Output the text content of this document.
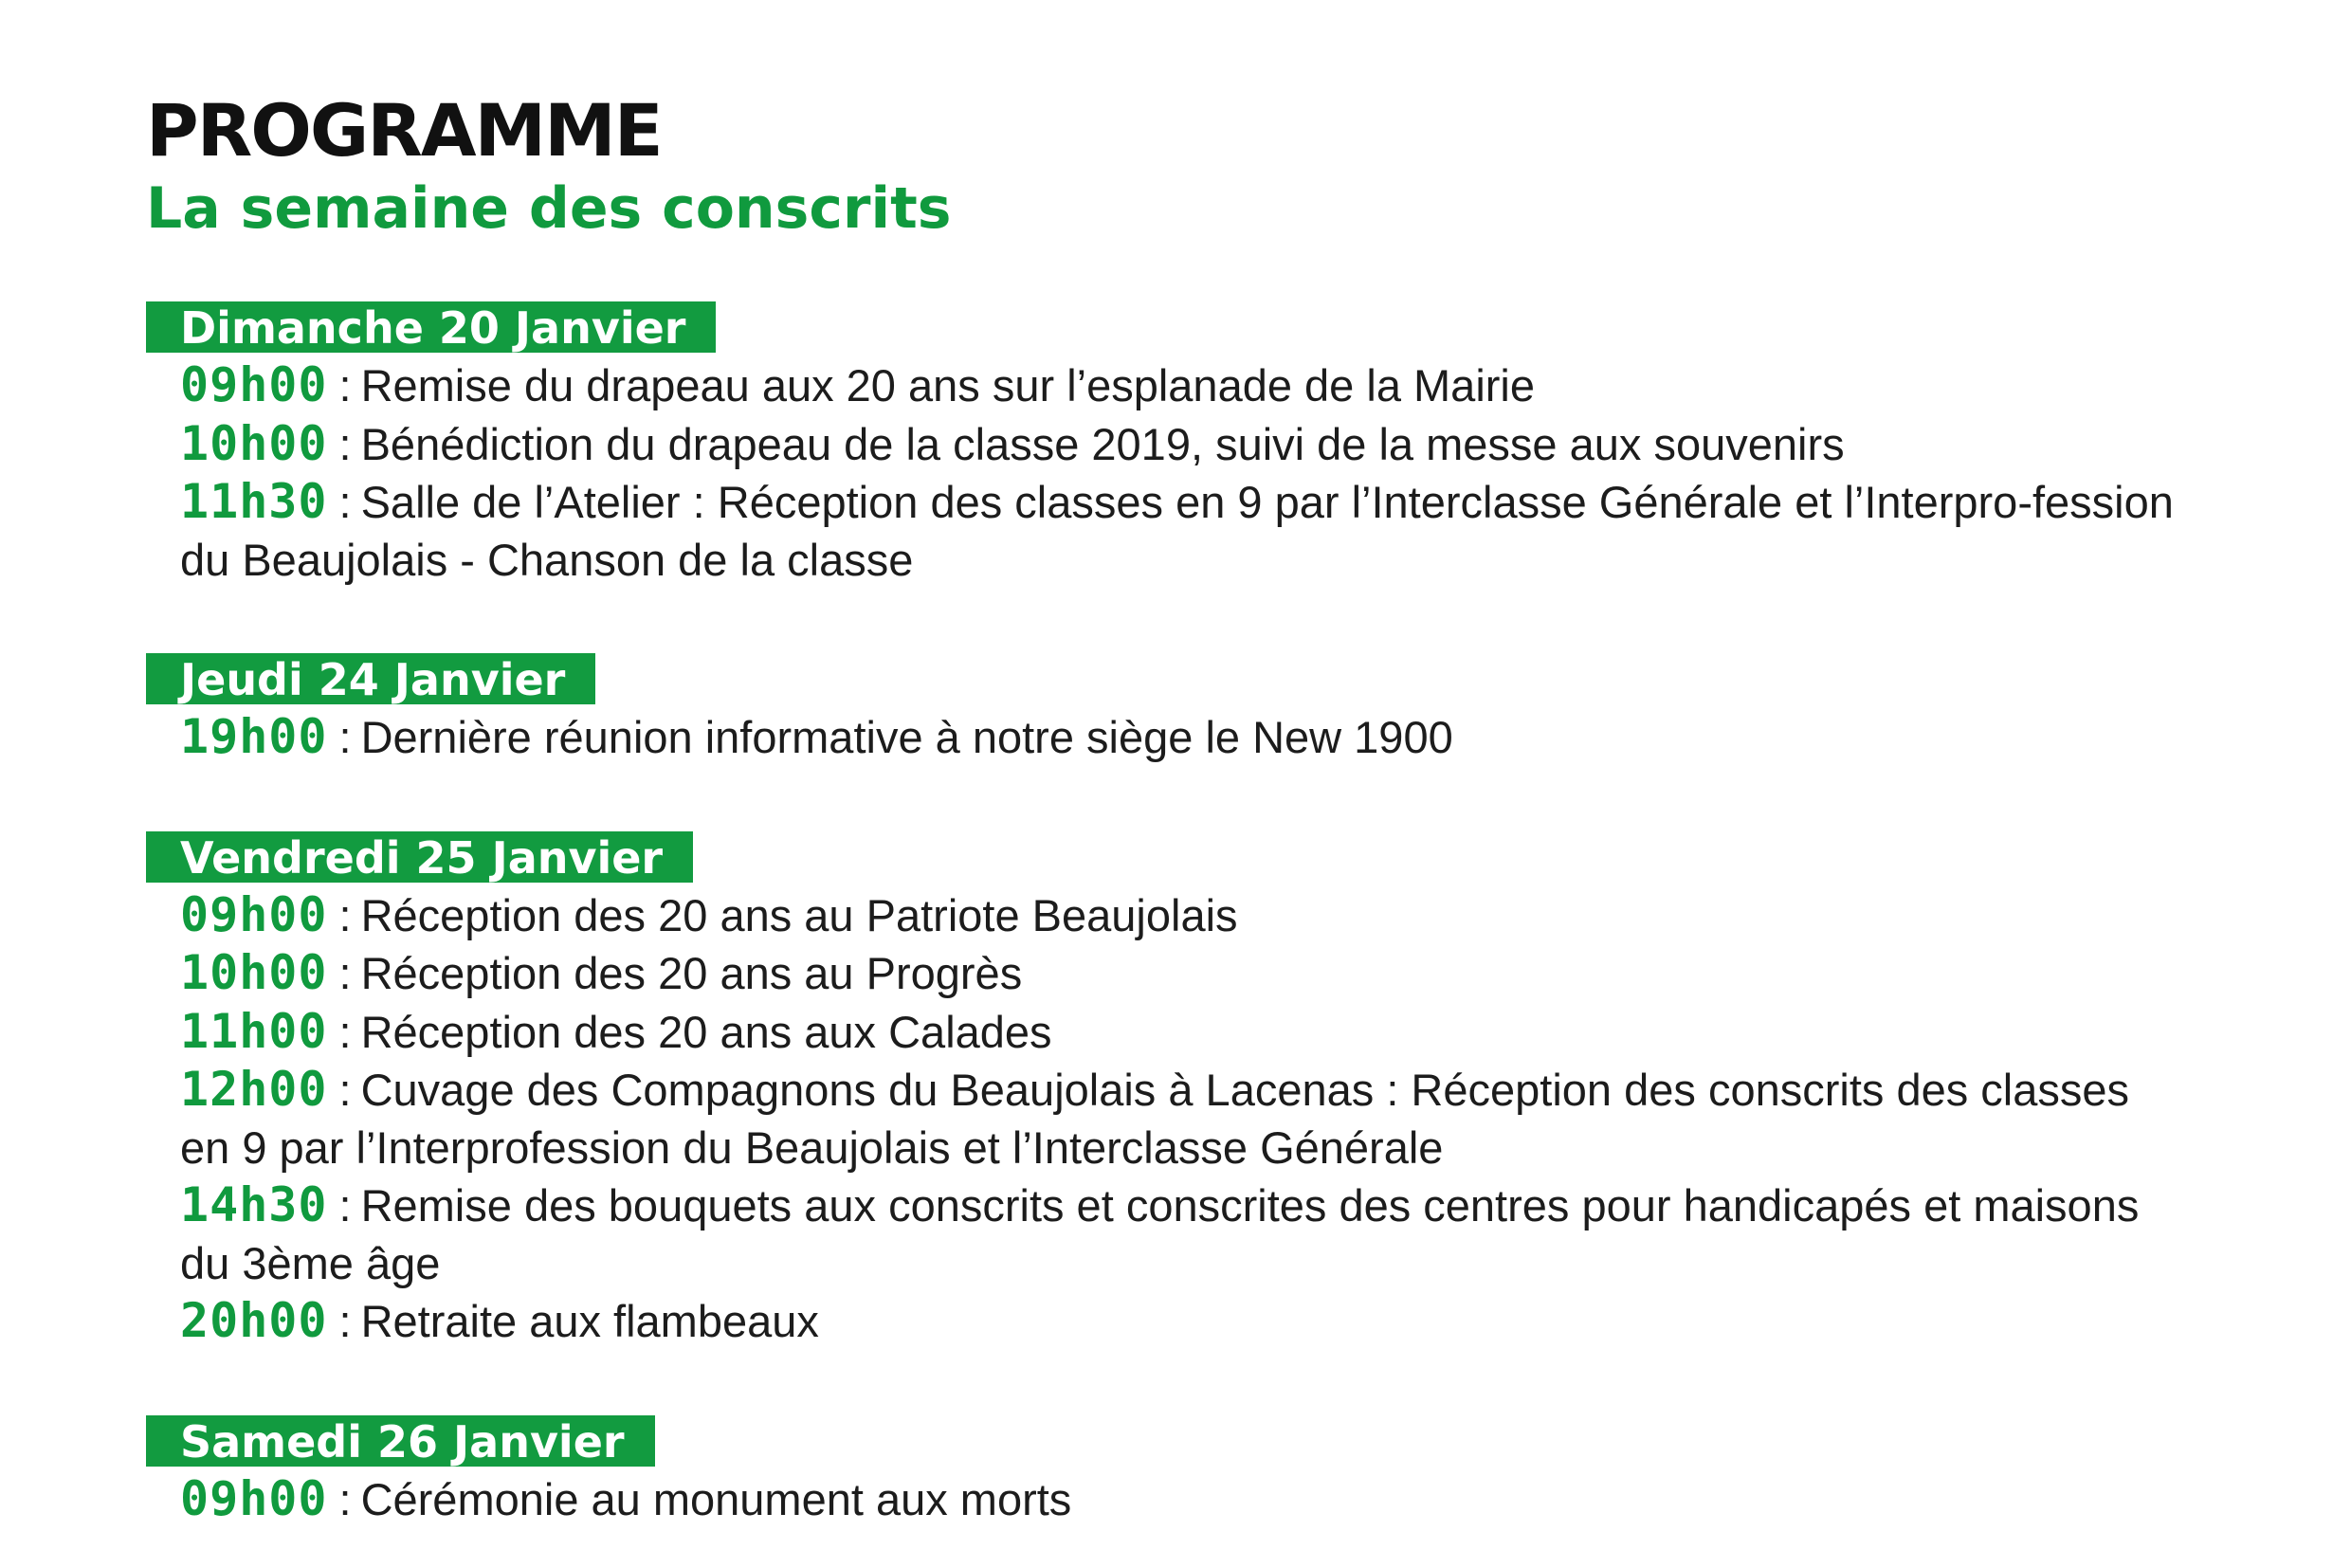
PROGRAMME
La semaine des conscrits
Dimanche 20 Janvier
09h00 : Remise du drapeau aux 20 ans sur l’esplanade de la Mairie
10h00 : Bénédiction du drapeau de la classe 2019, suivi de la messe aux souvenirs
11h30 : Salle de l’Atelier : Réception des classes en 9 par l’Interclasse Générale et l’Interpro-fession du Beaujolais - Chanson de la classe
Jeudi 24 Janvier
19h00 : Dernière réunion informative à notre siège le New 1900
Vendredi 25 Janvier
09h00 : Réception des 20 ans au Patriote Beaujolais
10h00 : Réception des 20 ans au Progrès
11h00 : Réception des 20 ans aux Calades
12h00 : Cuvage des Compagnons du Beaujolais à Lacenas : Réception des conscrits des classes en 9 par l’Interprofession du Beaujolais et l’Interclasse Générale
14h30 : Remise des bouquets aux conscrits et conscrites des centres pour handicapés et maisons du 3ème âge
20h00 : Retraite aux flambeaux
Samedi 26 Janvier
09h00 : Cérémonie au monument aux morts
